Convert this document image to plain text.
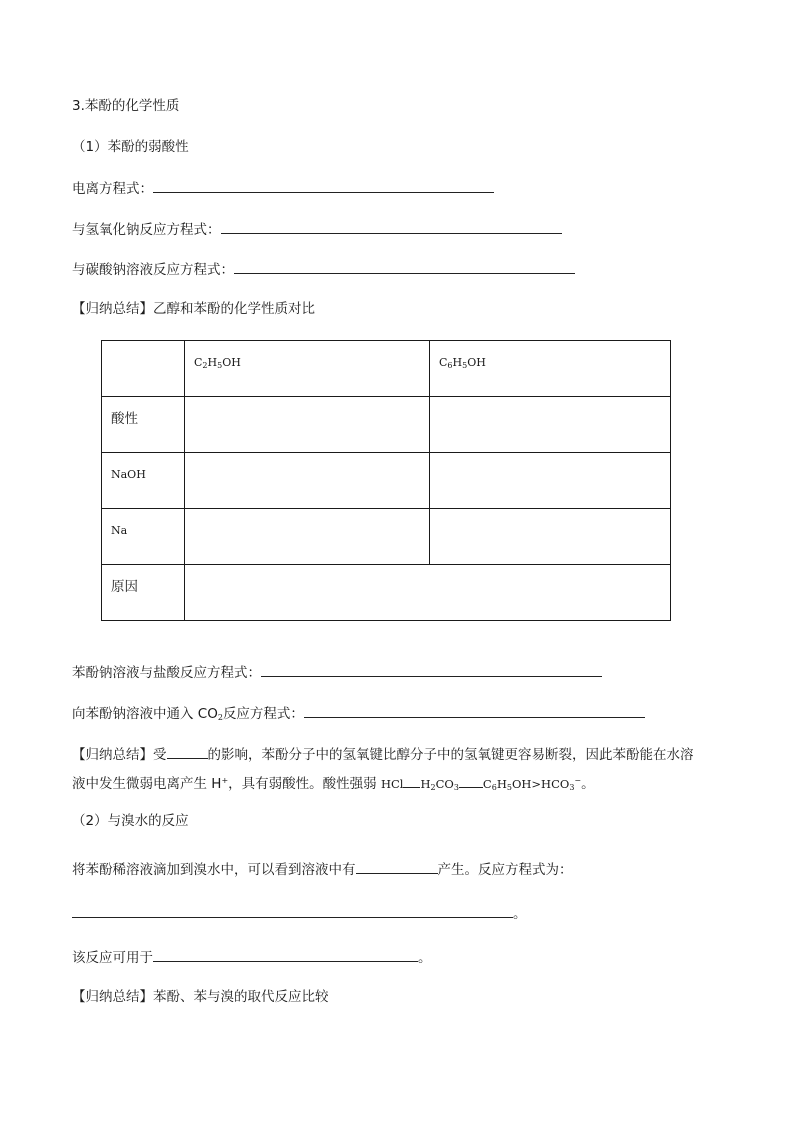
3.苯酚的化学性质
（1）苯酚的弱酸性
电离方程式：
与氢氧化钠反应方程式：
与碳酸钠溶液反应方程式：
【归纳总结】乙醇和苯酚的化学性质对比

	$C_2H_5OH$	$C_6H_5OH$

酸性		

NaOH		

Na		

原因		

苯酚钠溶液与盐酸反应方程式：
向苯酚钠溶液中通入 CO2反应方程式：
【归纳总结】受	的影响，苯酚分子中的氢氧键比醇分子中的氢氧键更容易断裂，因此苯酚能在水溶
液中发生微弱电离产生 H+，具有弱酸性。酸性强弱 HCl $H_2CO_3$ $C_6H_5OH>HCO_3^-$。
（2）与溴水的反应
将苯酚稀溶液滴加到溴水中，可以看到溶液中有	产生。反应方程式为：
。
该反应可用于	。
【归纳总结】苯酚、苯与溴的取代反应比较
